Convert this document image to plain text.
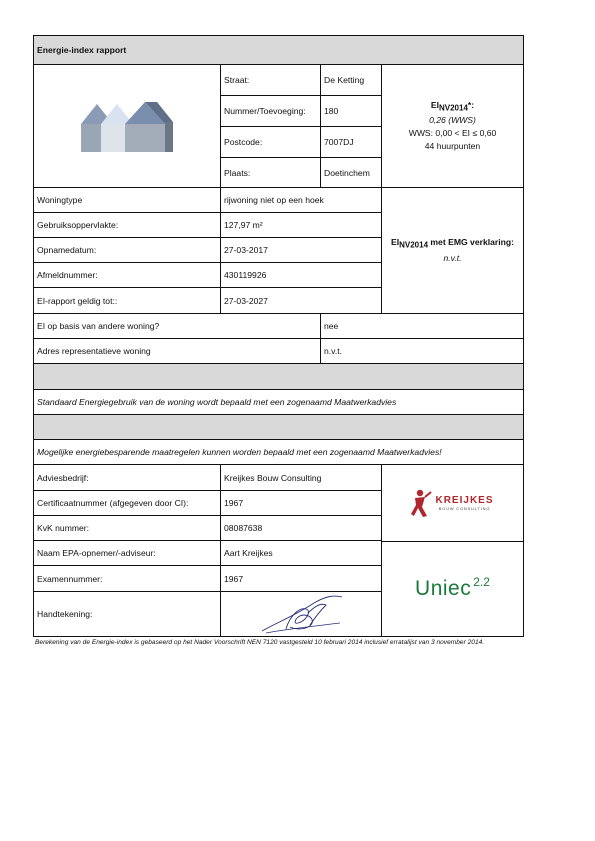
Energie-index rapport
Straat:	De Ketting
Nummer/Toevoeging:	180
Postcode:	7007DJ
Plaats:	Doetinchem
$EI_{NV2014}*$:
0,26 (WWS)
WWS: 0,00 < EI ≤ 0,60
44 huurpunten
Woningtype	rijwoning niet op een hoek
Gebruiksoppervlakte:	127,97 m²
Opnamedatum:	27-03-2017
Afmeldnummer:	430119926
EI-rapport geldig tot::	27-03-2027
$EI_{NV2014}$ met EMG verklaring:
n.v.t.
EI op basis van andere woning?	nee
Adres representatieve woning	n.v.t.
Standaard Energiegebruik van de woning wordt bepaald met een zogenaamd Maatwerkadvies
Mogelijke energiebesparende maatregelen kunnen worden bepaald met een zogenaamd Maatwerkadvies!
Adviesbedrijf:	Kreijkes Bouw Consulting
Certificaatnummer (afgegeven door CI):	1967
KvK nummer:	08087638
Naam EPA-opnemer/-adviseur:	Aart Kreijkes
Examennummer:	1967
Handtekening:
KREIJKES
BOUW CONSULTING
Uniec 2.2
Berekening van de Energie-index is gebaseerd op het Nader Voorschrift NEN 7120 vastgesteld 10 februari 2014 inclusief erratalijst van 3 november 2014.
